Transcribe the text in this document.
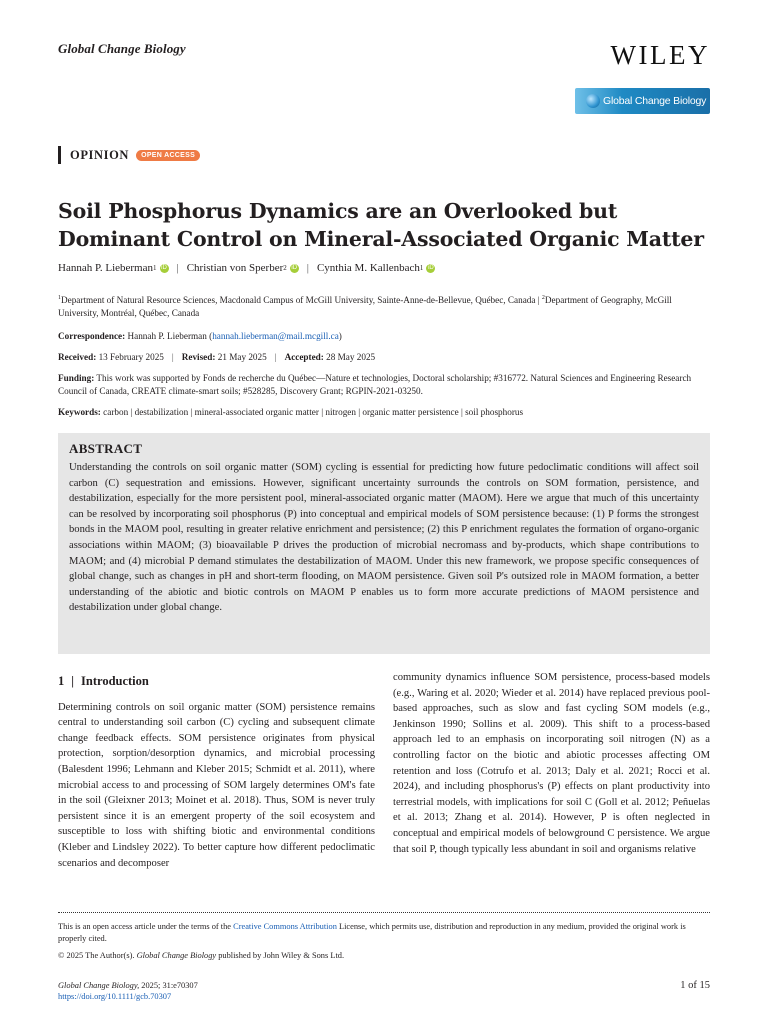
Global Change Biology	WILEY
Global Change Biology
OPINION	OPEN ACCESS
Soil Phosphorus Dynamics are an Overlooked but Dominant Control on Mineral-Associated Organic Matter
Hannah P. Lieberman 1 iD | Christian von Sperber 2 iD | Cynthia M. Kallenbach 1 iD
$^1$Department of Natural Resource Sciences, Macdonald Campus of McGill University, Sainte-Anne-de-Bellevue, Québec, Canada | $^2$Department of Geography, McGill University, Montréal, Québec, Canada
Correspondence: Hannah P. Lieberman (hannah.lieberman@mail.mcgill.ca)
Received: 13 February 2025 | Revised: 21 May 2025 | Accepted: 28 May 2025
Funding: This work was supported by Fonds de recherche du Québec—Nature et technologies, Doctoral scholarship; #316772. Natural Sciences and Engineering Research Council of Canada, CREATE climate-smart soils; #528285, Discovery Grant; RGPIN-2021-03250.
Keywords: carbon | destabilization | mineral-associated organic matter | nitrogen | organic matter persistence | soil phosphorus
ABSTRACT

Understanding the controls on soil organic matter (SOM) cycling is essential for predicting how future pedoclimatic conditions will affect soil carbon (C) sequestration and emissions. However, significant uncertainty surrounds the controls on SOM formation, persistence, and destabilization, especially for the more persistent pool, mineral-associated organic matter (MAOM). Here we argue that much of this uncertainty can be resolved by incorporating soil phosphorus (P) into conceptual and empirical models of SOM persistence because: (1) P forms the strongest bonds in the MAOM pool, resulting in greater relative enrichment and persistence; (2) this P enrichment regulates the formation of organo-organic associations within MAOM; (3) bioavailable P drives the production of microbial necromass and by-products, which shape contributions to MAOM; and (4) microbial P demand stimulates the destabilization of MAOM. Under this new framework, we propose specific consequences of global change, such as changes in pH and short-term flooding, on MAOM persistence. Given soil P's outsized role in MAOM formation, a better understanding of the abiotic and biotic controls on MAOM P enables us to form more accurate predictions of MAOM persistence and destabilization under global change.

1 | Introduction

Determining controls on soil organic matter (SOM) persistence remains central to understanding soil carbon (C) cycling and subsequent climate change feedback effects. SOM persistence originates from physical protection, sorption/desorption dynamics, and microbial processing (Balesdent 1996; Lehmann and Kleber 2015; Schmidt et al. 2011), where microbial access to and processing of SOM largely determines OM's fate in the soil (Gleixner 2013; Moinet et al. 2018). Thus, SOM is never truly persistent since it is an emergent property of the soil ecosystem and susceptible to loss with shifting biotic and environmental conditions (Kleber and Lindsley 2022). To better capture how different pedoclimatic scenarios and decomposer

community dynamics influence SOM persistence, process-based models (e.g., Waring et al. 2020; Wieder et al. 2014) have replaced previous pool-based approaches, such as slow and fast cycling SOM models (e.g., Jenkinson 1990; Sollins et al. 2009). This shift to a process-based approach led to an emphasis on incorporating soil nitrogen (N) as a controlling factor on the biotic and abiotic processes affecting OM retention and loss (Cotrufo et al. 2013; Daly et al. 2021; Rocci et al. 2024), and including phosphorus's (P) effects on plant productivity into terrestrial models, with implications for soil C (Goll et al. 2012; Peñuelas et al. 2013; Zhang et al. 2014). However, P is often neglected in conceptual and empirical models of belowground C persistence. We argue that soil P, though typically less abundant in soil and organisms relative

This is an open access article under the terms of the Creative Commons Attribution License, which permits use, distribution and reproduction in any medium, provided the original work is properly cited.
© 2025 The Author(s). Global Change Biology published by John Wiley & Sons Ltd.
Global Change Biology, 2025; 31:e70307
https://doi.org/10.1111/gcb.70307
1 of 15
